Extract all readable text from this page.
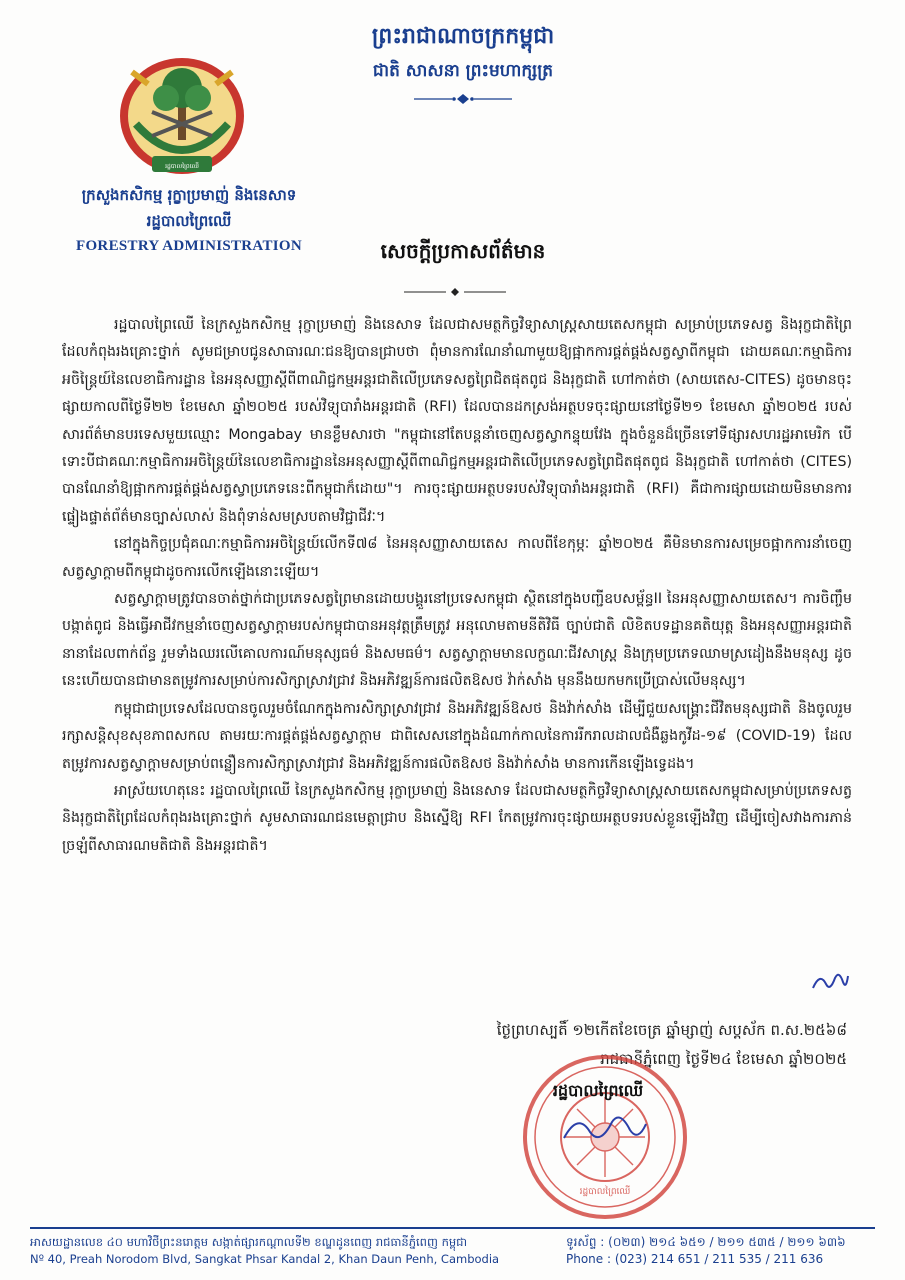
រដ្ឋបាលព្រៃឈើ
ក្រសួងកសិកម្ម រុក្ខាប្រមាញ់ និងនេសាទ
រដ្ឋបាលព្រៃឈើ
FORESTRY ADMINISTRATION
ព្រះរាជាណាចក្រកម្ពុជា
ជាតិ សាសនា ព្រះមហាក្សត្រ
សេចក្តីប្រកាសព័ត៌មាន

រដ្ឋបាលព្រៃឈើ នៃក្រសួងកសិកម្ម រុក្ខាប្រមាញ់ និងនេសាទ ដែលជាសមត្ថកិច្ចវិទ្យាសាស្ត្រសាយតេសកម្ពុជា សម្រាប់ប្រភេទសត្វ និងរុក្ខជាតិព្រៃដែលកំពុងរងគ្រោះថ្នាក់ សូមជម្រាបជូនសាធារណៈជនឱ្យបានជ្រាបថា ពុំមានការណែនាំណាមួយឱ្យផ្អាកការផ្គត់ផ្គង់សត្វស្វាពីកម្ពុជា ដោយគណៈកម្មាធិការអចិន្ត្រៃយ៍នៃលេខាធិការដ្ឋាន នៃអនុសញ្ញាស្តីពីពាណិជ្ជកម្មអន្តរជាតិលើប្រភេទសត្វព្រៃជិតផុតពូជ និងរុក្ខជាតិ ហៅកាត់ថា (សាយតេស-CITES) ដូចមានចុះផ្សាយកាលពីថ្ងៃទី២២ ខែមេសា ឆ្នាំ២០២៥ របស់វិទ្យុបារាំងអន្តរជាតិ (RFI) ដែលបានដកស្រង់អត្ថបទចុះផ្សាយនៅថ្ងៃទី២១ ខែមេសា ឆ្នាំ២០២៥ របស់សារព័ត៌មានបរទេសមួយឈ្មោះ Mongabay មានខ្លឹមសារថា "កម្ពុជានៅតែបន្តនាំចេញសត្វស្វាកន្ទុយវែង ក្នុងចំនួនដ៏ច្រើនទៅទីផ្សារសហរដ្ឋអាមេរិក បើទោះបីជាគណៈកម្មាធិការអចិន្ត្រៃយ៍នៃលេខាធិការដ្ឋាននៃអនុសញ្ញាស្តីពីពាណិជ្ជកម្មអន្តរជាតិលើប្រភេទសត្វព្រៃជិតផុតពូជ និងរុក្ខជាតិ ហៅកាត់ថា (CITES) បានណែនាំឱ្យផ្អាកការផ្គត់ផ្គង់សត្វស្វាប្រភេទនេះពីកម្ពុជាក៏ដោយ"។ ការចុះផ្សាយអត្ថបទរបស់វិទ្យុបារាំងអន្តរជាតិ (RFI) គឺជាការផ្សាយដោយមិនមានការផ្ទៀងផ្ទាត់ព័ត៌មានច្បាស់លាស់ និងពុំទាន់សមស្របតាមវិជ្ជាជីវៈ។

នៅក្នុងកិច្ចប្រជុំគណៈកម្មាធិការអចិន្ត្រៃយ៍លើកទី៧៨ នៃអនុសញ្ញាសាយតេស កាលពីខែកុម្ភៈ ឆ្នាំ២០២៥ គឺមិនមានការសម្រេចផ្អាកការនាំចេញសត្វស្វាក្តាមពីកម្ពុជាដូចការលើកឡើងនោះឡើយ។

សត្វស្វាក្តាមត្រូវបានចាត់ថ្នាក់ជាប្រភេទសត្វព្រៃមានដោយបង្គួរនៅប្រទេសកម្ពុជា ស្ថិតនៅក្នុងបញ្ជីឧបសម្ព័ន្ធII នៃអនុសញ្ញាសាយតេស។ ការចិញ្ចឹម បង្កាត់ពូជ និងធ្វើអាជីវកម្មនាំចេញសត្វស្វាក្តាមរបស់កម្ពុជាបានអនុវត្តត្រឹមត្រូវ អនុលោមតាមនីតិវិធី ច្បាប់ជាតិ លិខិតបទដ្ឋានគតិយុត្ត និងអនុសញ្ញាអន្តរជាតិនានាដែលពាក់ព័ន្ធ រួមទាំងឈរលើគោលការណ៍មនុស្សធម៌ និងសមធម៌។ សត្វស្វាក្តាមមានលក្ខណៈជីវសាស្ត្រ និងក្រុមប្រភេទឈាមស្រដៀងនឹងមនុស្ស ដូចនេះហើយបានជាមានតម្រូវការសម្រាប់ការសិក្សាស្រាវជ្រាវ និងអភិវឌ្ឍន៍ការផលិតឱសថ វ៉ាក់សាំង មុននឹងយកមកប្រើប្រាស់លើមនុស្ស។

កម្ពុជាជាប្រទេសដែលបានចូលរួមចំណែកក្នុងការសិក្សាស្រាវជ្រាវ និងអភិវឌ្ឍន៍ឱសថ និងវ៉ាក់សាំង ដើម្បីជួយសង្គ្រោះជីវិតមនុស្សជាតិ និងចូលរួមរក្សាសន្តិសុខសុខភាពសកល តាមរយៈការផ្គត់ផ្គង់សត្វស្វាក្តាម ជាពិសេសនៅក្នុងដំណាក់កាលនៃការរីករាលដាលជំងឺឆ្លងកូវីដ-១៩ (COVID-19) ដែលតម្រូវការសត្វស្វាក្តាមសម្រាប់ពន្លឿនការសិក្សាស្រាវជ្រាវ និងអភិវឌ្ឍន៍ការផលិតឱសថ និងវ៉ាក់សាំង មានការកើនឡើងទ្វេដង។

អាស្រ័យហេតុនេះ រដ្ឋបាលព្រៃឈើ នៃក្រសួងកសិកម្ម រុក្ខាប្រមាញ់ និងនេសាទ ដែលជាសមត្ថកិច្ចវិទ្យាសាស្ត្រសាយតេសកម្ពុជាសម្រាប់ប្រភេទសត្វ និងរុក្ខជាតិព្រៃដែលកំពុងរងគ្រោះថ្នាក់ សូមសាធារណជនមេត្តាជ្រាប និងស្នើឱ្យ RFI កែតម្រូវការចុះផ្សាយអត្ថបទរបស់ខ្លួនឡើងវិញ ដើម្បីចៀសវាងការភាន់ច្រឡំពីសាធារណមតិជាតិ និងអន្តរជាតិ។

ថ្ងៃព្រហស្បតិ៍ ១២កើតខែចេត្រ ឆ្នាំម្សាញ់ សប្តស័ក ព.ស.២៥៦៨
រាជធានីភ្នំពេញ ថ្ងៃទី២៤ ខែមេសា ឆ្នាំ២០២៥
រដ្ឋបាលព្រៃឈើ
រដ្ឋបាលព្រៃឈើ
អាសយដ្ឋានលេខ ៤០ មហាវិថីព្រះនរោត្តម សង្កាត់ផ្សារកណ្តាលទី២ ខណ្ឌដូនពេញ រាជធានីភ្នំពេញ កម្ពុជា
Nº 40, Preah Norodom Blvd, Sangkat Phsar Kandal 2, Khan Daun Penh, Cambodia
ទូរស័ព្ទ : (០២៣) ២១៤ ៦៥១ / ២១១ ៥៣៥ / ២១១ ៦៣៦
Phone : (023) 214 651 / 211 535 / 211 636
